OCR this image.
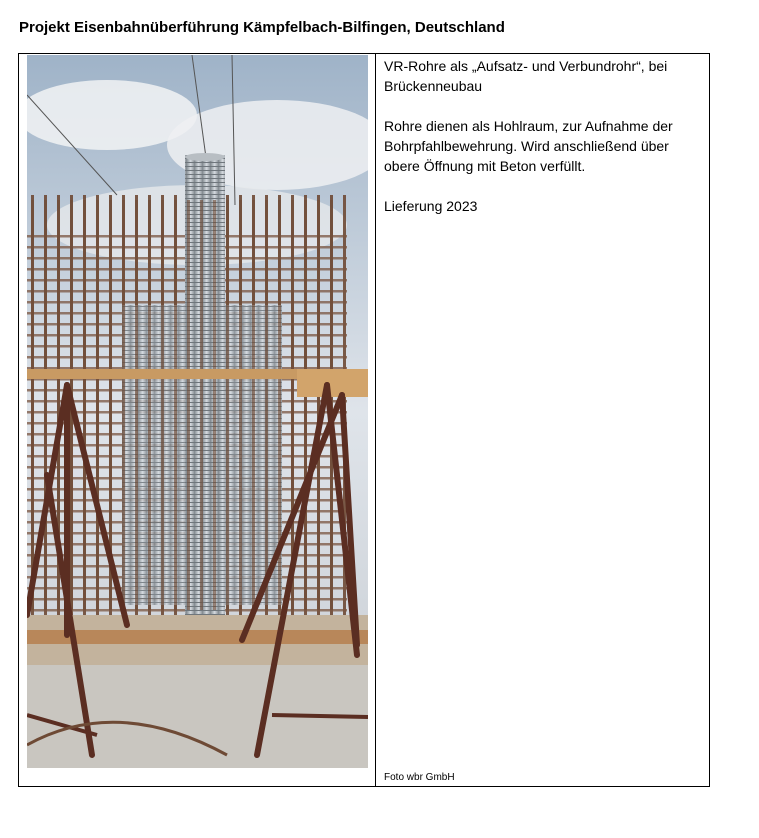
Projekt Eisenbahnüberführung Kämpfelbach-Bilfingen, Deutschland

VR-Rohre als „Aufsatz- und Verbundrohr“, bei Brückenneubau

Rohre dienen als Hohlraum, zur Aufnahme der Bohrpfahlbewehrung. Wird anschließend über obere Öffnung mit Beton verfüllt.

Lieferung 2023

Foto wbr GmbH
